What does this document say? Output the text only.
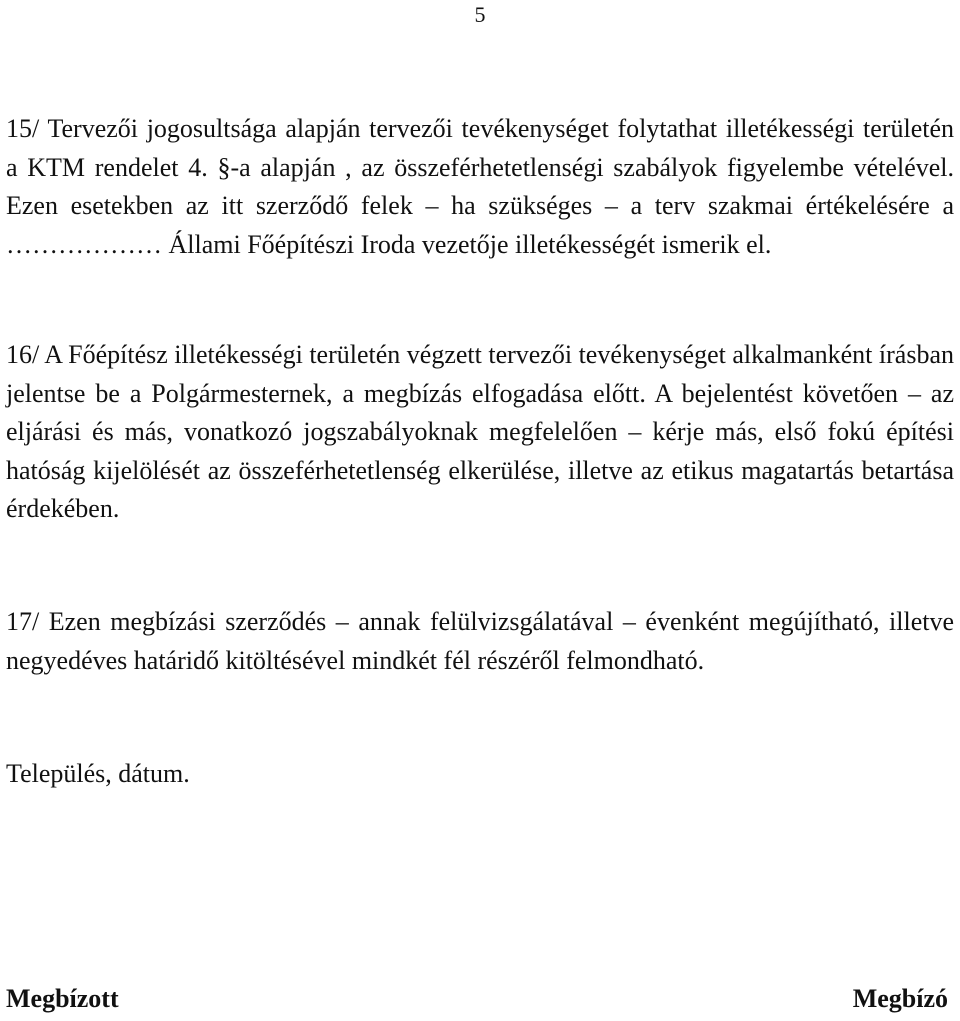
5

15/ Tervezői jogosultsága alapján tervezői tevékenységet folytathat illetékességi területén a KTM rendelet 4. §-a alapján , az összeférhetetlenségi szabályok figyelembe vételével. Ezen esetekben az itt szerződő felek – ha szükséges – a terv szakmai értékelésére a ……………… Állami Főépítészi Iroda vezetője illetékességét ismerik el.

16/ A Főépítész illetékességi területén végzett tervezői tevékenységet alkalmanként írásban jelentse be a Polgármesternek, a megbízás elfogadása előtt. A bejelentést követően – az eljárási és más, vonatkozó jogszabályoknak megfelelően – kérje más, első fokú építési hatóság kijelölését az összeférhetetlenség elkerülése, illetve az etikus magatartás betartása érdekében.

17/ Ezen megbízási szerződés – annak felülvizsgálatával – évenként megújítható, illetve negyedéves határidő kitöltésével mindkét fél részéről felmondható.

Település, dátum.
Megbízott	Megbízó
